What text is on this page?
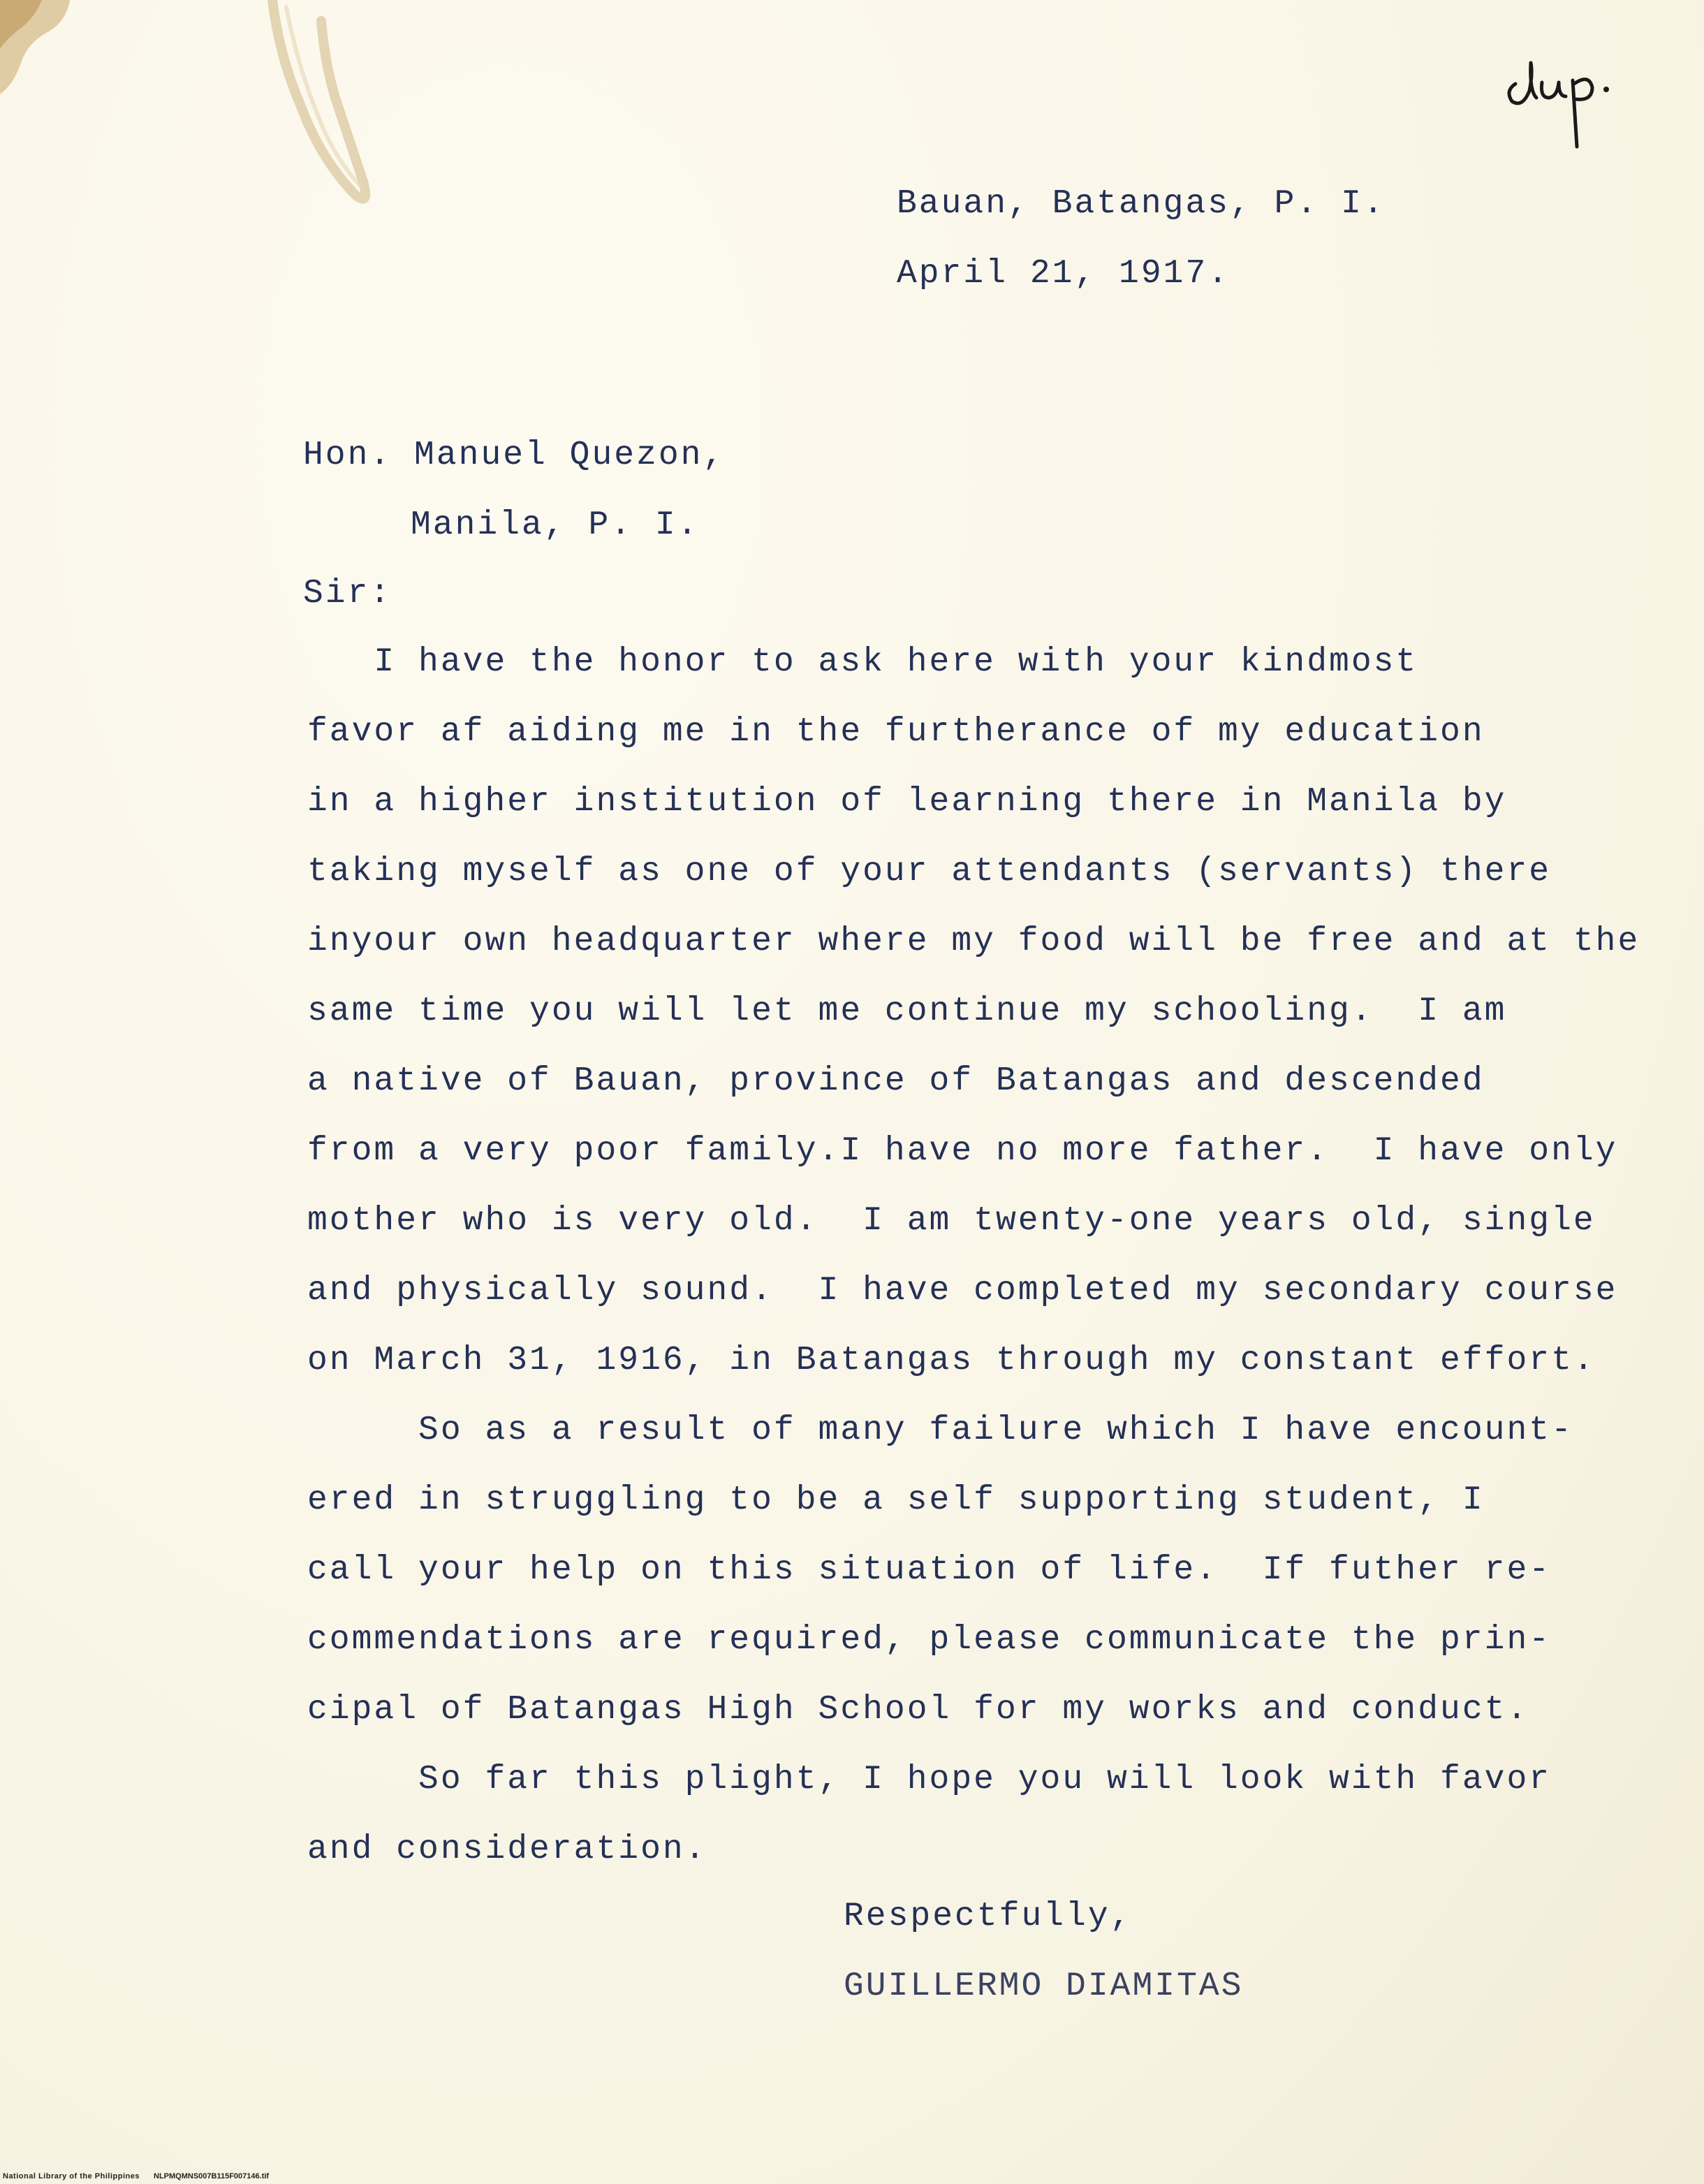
Bauan, Batangas, P. I.
April 21, 1917.
Hon. Manuel Quezon,
Manila, P. I.
Sir:
I have the honor to ask here with your kindmost
favor af aiding me in the furtherance of my education
in a higher institution of learning there in Manila by
taking myself as one of your attendants (servants) there
inyour own headquarter where my food will be free and at the
same time you will let me continue my schooling.  I am
a native of Bauan, province of Batangas and descended
from a very poor family.I have no more father.  I have only
mother who is very old.  I am twenty-one years old, single
and physically sound.  I have completed my secondary course
on March 31, 1916, in Batangas through my constant effort.
So as a result of many failure which I have encount-
ered in struggling to be a self supporting student, I
call your help on this situation of life.  If futher re-
commendations are required, please communicate the prin-
cipal of Batangas High School for my works and conduct.
So far this plight, I hope you will look with favor
and consideration.
Respectfully,
GUILLERMO DIAMITAS
National Library of the Philippines NLPMQMNS007B115F007146.tif
